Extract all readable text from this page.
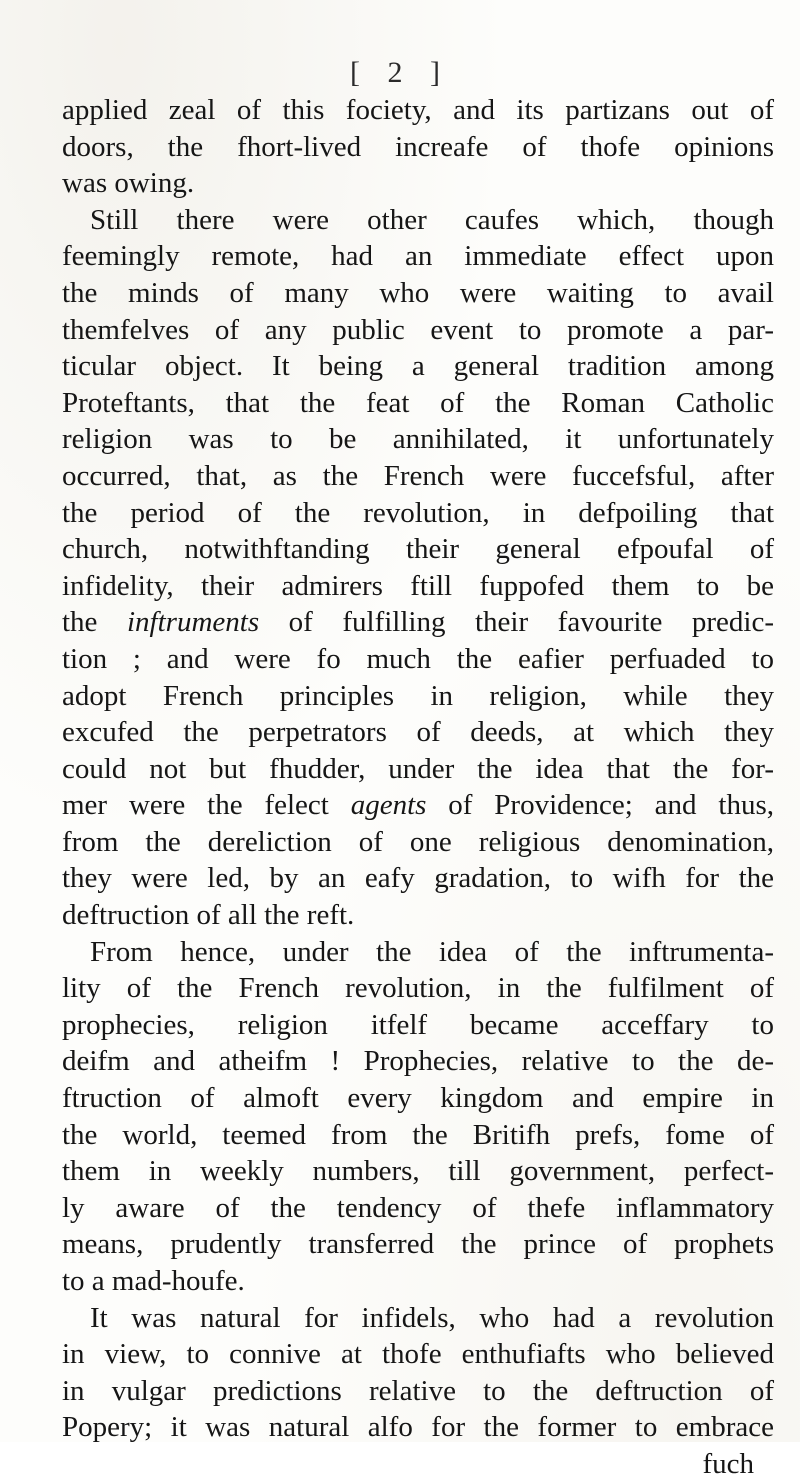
[ 2 ]
applied zeal of this fociety, and its partizans out of
doors, the fhort-lived increafe of thofe opinions
was owing.
Still there were other caufes which, though
feemingly remote, had an immediate effect upon
the minds of many who were waiting to avail
themfelves of any public event to promote a par-
ticular object. It being a general tradition among
Proteftants, that the feat of the Roman Catholic
religion was to be annihilated, it unfortunately
occurred, that, as the French were fuccefsful, after
the period of the revolution, in defpoiling that
church, notwithftanding their general efpoufal of
infidelity, their admirers ftill fuppofed them to be
the inftruments of fulfilling their favourite predic-
tion ; and were fo much the eafier perfuaded to
adopt French principles in religion, while they
excufed the perpetrators of deeds, at which they
could not but fhudder, under the idea that the for-
mer were the felect agents of Providence; and thus,
from the dereliction of one religious denomination,
they were led, by an eafy gradation, to wifh for the
deftruction of all the reft.
From hence, under the idea of the inftrumenta-
lity of the French revolution, in the fulfilment of
prophecies, religion itfelf became acceffary to
deifm and atheifm ! Prophecies, relative to the de-
ftruction of almoft every kingdom and empire in
the world, teemed from the Britifh prefs, fome of
them in weekly numbers, till government, perfect-
ly aware of the tendency of thefe inflammatory
means, prudently transferred the prince of prophets
to a mad-houfe.
It was natural for infidels, who had a revolution
in view, to connive at thofe enthufiafts who believed
in vulgar predictions relative to the deftruction of
Popery; it was natural alfo for the former to embrace
fuch
